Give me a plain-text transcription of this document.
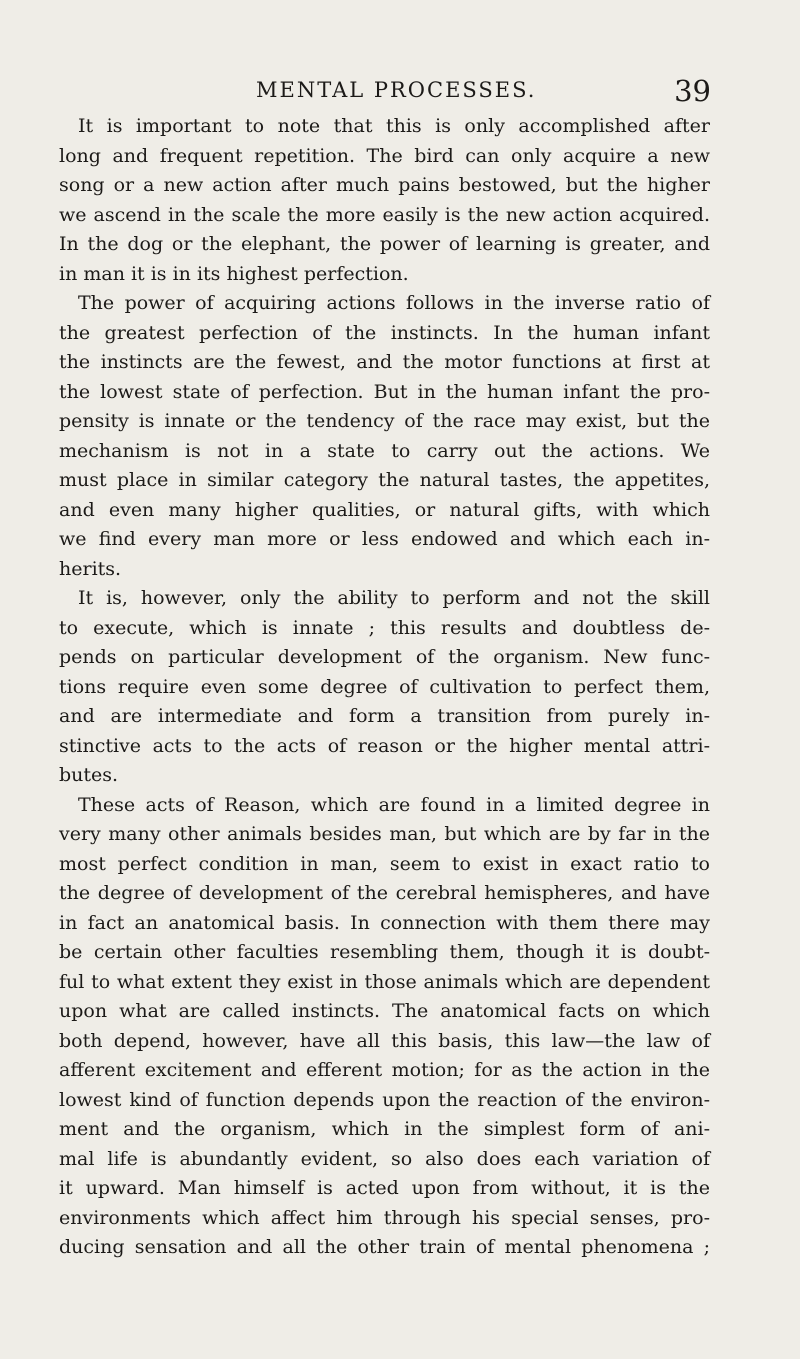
MENTAL PROCESSES.	39
It is important to note that this is only accomplished after
long and frequent repetition. The bird can only acquire a new
song or a new action after much pains bestowed, but the higher
we ascend in the scale the more easily is the new action acquired.
In the dog or the elephant, the power of learning is greater, and
in man it is in its highest perfection.
The power of acquiring actions follows in the inverse ratio of
the greatest perfection of the instincts. In the human infant
the instincts are the fewest, and the motor functions at first at
the lowest state of perfection. But in the human infant the pro-
pensity is innate or the tendency of the race may exist, but the
mechanism is not in a state to carry out the actions. We
must place in similar category the natural tastes, the appetites,
and even many higher qualities, or natural gifts, with which
we find every man more or less endowed and which each in-
herits.
It is, however, only the ability to perform and not the skill
to execute, which is innate ; this results and doubtless de-
pends on particular development of the organism. New func-
tions require even some degree of cultivation to perfect them,
and are intermediate and form a transition from purely in-
stinctive acts to the acts of reason or the higher mental attri-
butes.
These acts of Reason, which are found in a limited degree in
very many other animals besides man, but which are by far in the
most perfect condition in man, seem to exist in exact ratio to
the degree of development of the cerebral hemispheres, and have
in fact an anatomical basis. In connection with them there may
be certain other faculties resembling them, though it is doubt-
ful to what extent they exist in those animals which are dependent
upon what are called instincts. The anatomical facts on which
both depend, however, have all this basis, this law—the law of
afferent excitement and efferent motion; for as the action in the
lowest kind of function depends upon the reaction of the environ-
ment and the organism, which in the simplest form of ani-
mal life is abundantly evident, so also does each variation of
it upward. Man himself is acted upon from without, it is the
environments which affect him through his special senses, pro-
ducing sensation and all the other train of mental phenomena ;
